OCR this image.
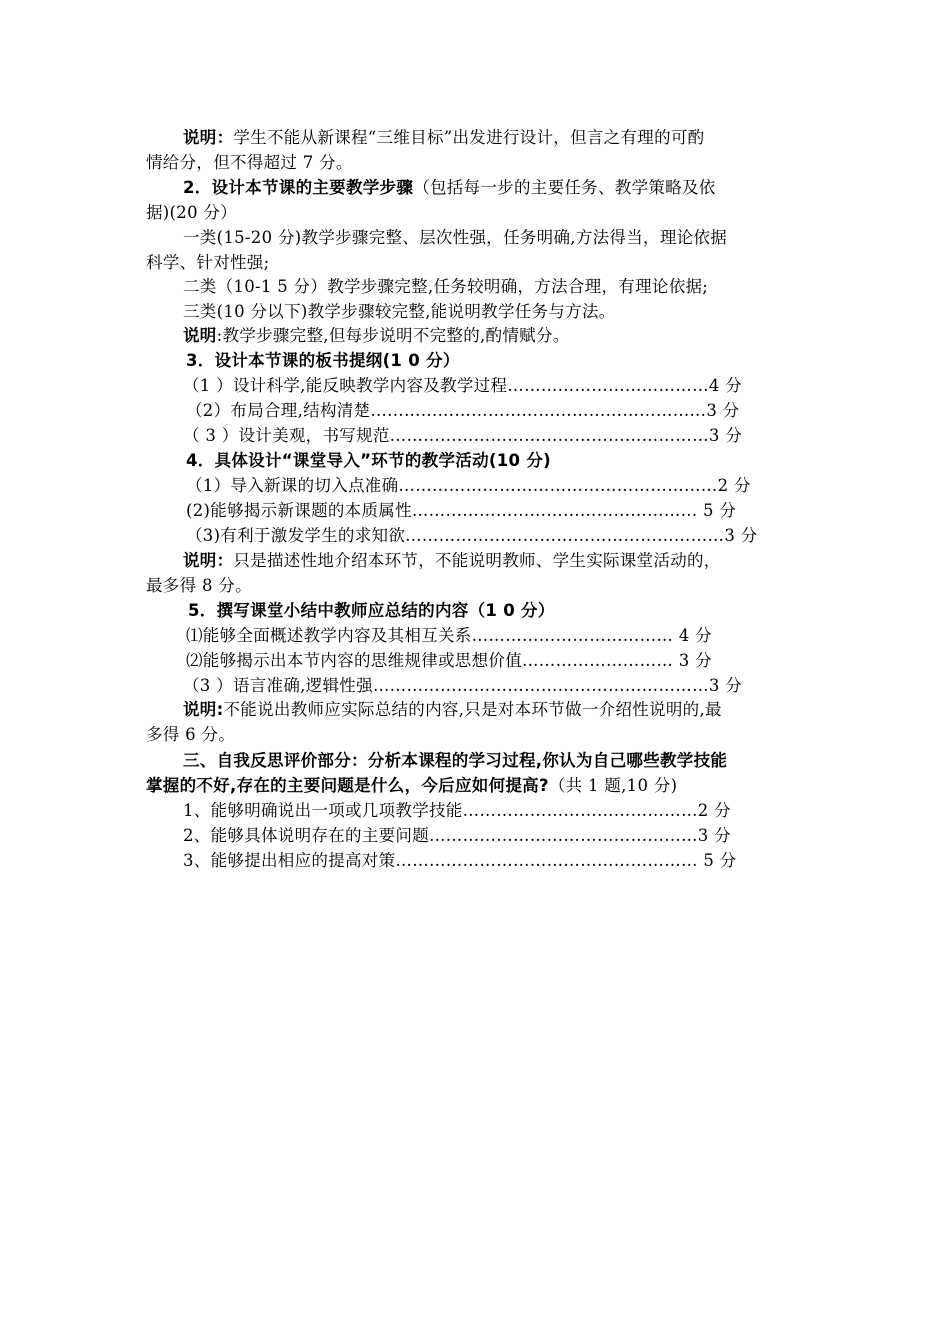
说明：学生不能从新课程“三维目标”出发进行设计，但言之有理的可酌
情给分，但不得超过 7 分。
2．设计本节课的主要教学步骤（包括每一步的主要任务、教学策略及依
据)(20 分）
一类(15-20 分)教学步骤完整、层次性强，任务明确,方法得当，理论依据
科学、针对性强;
二类（10-1 5 分）教学步骤完整,任务较明确，方法合理，有理论依据;
三类(10 分以下)教学步骤较完整,能说明教学任务与方法。
说明:教学步骤完整,但每步说明不完整的,酌情赋分。
3．设计本节课的板书提纲(1 0 分）
（1 ）设计科学,能反映教学内容及教学过程………………………………4 分
（2）布局合理,结构清楚……………………………………………………3 分
（ 3 ）设计美观，书写规范…………………………………………………3 分
4．具体设计“课堂导入”环节的教学活动(10 分)
（1）导入新课的切入点准确…………………………………………………2 分
(2)能够揭示新课题的本质属性…………………………………………… 5 分
（3)有利于激发学生的求知欲…………………………………………………3 分
说明：只是描述性地介绍本环节，不能说明教师、学生实际课堂活动的，
最多得 8 分。
5．撰写课堂小结中教师应总结的内容（1 0 分）
⑴能够全面概述教学内容及其相互关系……………………………… 4 分
⑵能够揭示出本节内容的思维规律或思想价值……………………… 3 分
（3 ）语言准确,逻辑性强……………………………………………………3 分
说明:不能说出教师应实际总结的内容,只是对本环节做一介绍性说明的,最
多得 6 分。
三、自我反思评价部分：分析本课程的学习过程,你认为自己哪些教学技能
掌握的不好,存在的主要问题是什么，今后应如何提高?（共 1 题,10 分)
1、能够明确说出一项或几项教学技能……………………………………2 分
2、能够具体说明存在的主要问题…………………………………………3 分
3、能够提出相应的提高对策……………………………………………… 5 分
